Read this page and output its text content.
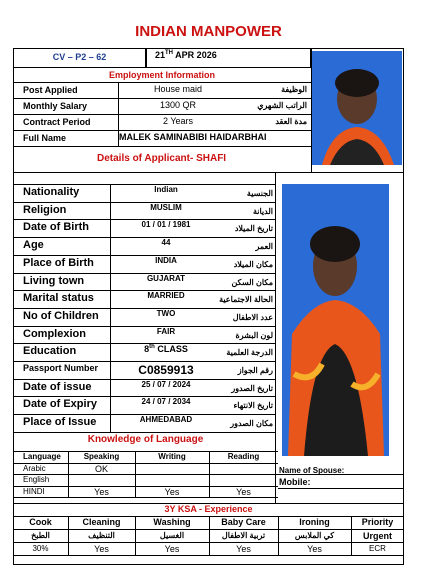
INDIAN MANPOWER
CV – P2 – 62	21TH APR 2026
Employment Information
Details of Applicant- SHAFI
Knowledge of Language
Name of Spouse:
Mobile:
3Y KSA - Experience
Post Applied	House maid	الوظيفة
Monthly Salary	1300 QR	الراتب الشهري
Contract Period	2 Years	مدة العقد
Full Name	MALEK SAMINABIBI HAIDARBHAI
Nationality	Indian	الجنسية
Religion	MUSLIM	الديانة
Date of Birth	01 / 01 / 1981	تاريخ الميلاد
Age	44	العمر
Place of Birth	INDIA	مكان الميلاد
Living town	GUJARAT	مكان السكن
Marital status	MARRIED	الحالة الاجتماعية
No of Children	TWO	عدد الاطفال
Complexion	FAIR	لون البشرة
Education	8th CLASS	الدرجة العلمية
Passport Number	C0859913	رقم الجواز
Date of issue	25 / 07 / 2024	تاريخ الصدور
Date of Expiry	24 / 07 / 2034	تاريخ الانتهاء
Place of Issue	AHMEDABAD	مكان الصدور
Language	Speaking	Writing	Reading
Arabic	OK
English
HINDI	Yes	Yes	Yes
Cook	Cleaning	Washing	Baby Care	Ironing	Priority
الطبخ	التنظيف	الغسيل	تربية الاطفال	كي الملابس	Urgent
30%	Yes	Yes	Yes	Yes	ECR
